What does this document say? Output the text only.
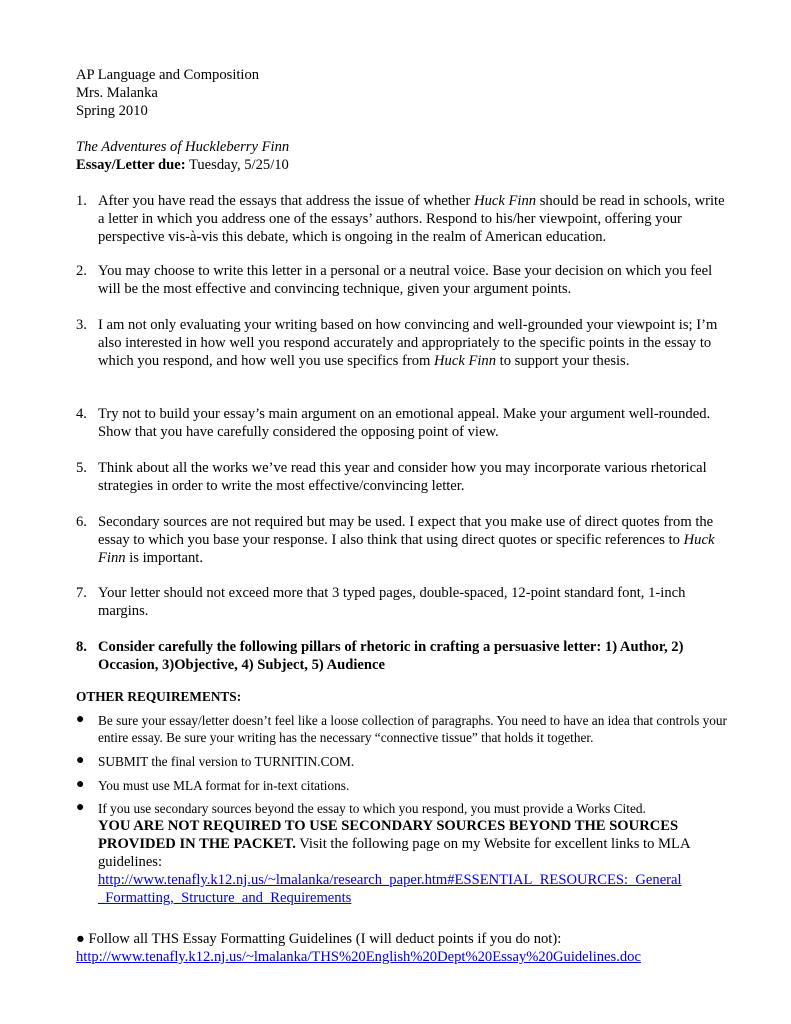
AP Language and Composition
Mrs. Malanka
Spring 2010
The Adventures of Huckleberry Finn
Essay/Letter due: Tuesday, 5/25/10
1. After you have read the essays that address the issue of whether Huck Finn should be read in schools, write a letter in which you address one of the essays’ authors. Respond to his/her viewpoint, offering your perspective vis-à-vis this debate, which is ongoing in the realm of American education.
2. You may choose to write this letter in a personal or a neutral voice. Base your decision on which you feel will be the most effective and convincing technique, given your argument points.
3. I am not only evaluating your writing based on how convincing and well-grounded your viewpoint is; I’m also interested in how well you respond accurately and appropriately to the specific points in the essay to which you respond, and how well you use specifics from Huck Finn to support your thesis.
4. Try not to build your essay’s main argument on an emotional appeal. Make your argument well-rounded. Show that you have carefully considered the opposing point of view.
5. Think about all the works we’ve read this year and consider how you may incorporate various rhetorical strategies in order to write the most effective/convincing letter.
6. Secondary sources are not required but may be used. I expect that you make use of direct quotes from the essay to which you base your response. I also think that using direct quotes or specific references to Huck Finn is important.
7. Your letter should not exceed more that 3 typed pages, double-spaced, 12-point standard font, 1-inch margins.
8. Consider carefully the following pillars of rhetoric in crafting a persuasive letter: 1) Author, 2) Occasion, 3)Objective, 4) Subject, 5) Audience
OTHER REQUIREMENTS:
● Be sure your essay/letter doesn’t feel like a loose collection of paragraphs. You need to have an idea that controls your entire essay. Be sure your writing has the necessary “connective tissue” that holds it together.
● SUBMIT the final version to TURNITIN.COM.
● You must use MLA format for in-text citations.
● If you use secondary sources beyond the essay to which you respond, you must provide a Works Cited.
YOU ARE NOT REQUIRED TO USE SECONDARY SOURCES BEYOND THE SOURCES PROVIDED IN THE PACKET. Visit the following page on my Website for excellent links to MLA guidelines:
http://www.tenafly.k12.nj.us/~lmalanka/research_paper.htm#ESSENTIAL_RESOURCES:_General
_Formatting,_Structure_and_Requirements
● Follow all THS Essay Formatting Guidelines (I will deduct points if you do not):
http://www.tenafly.k12.nj.us/~lmalanka/THS%20English%20Dept%20Essay%20Guidelines.doc
